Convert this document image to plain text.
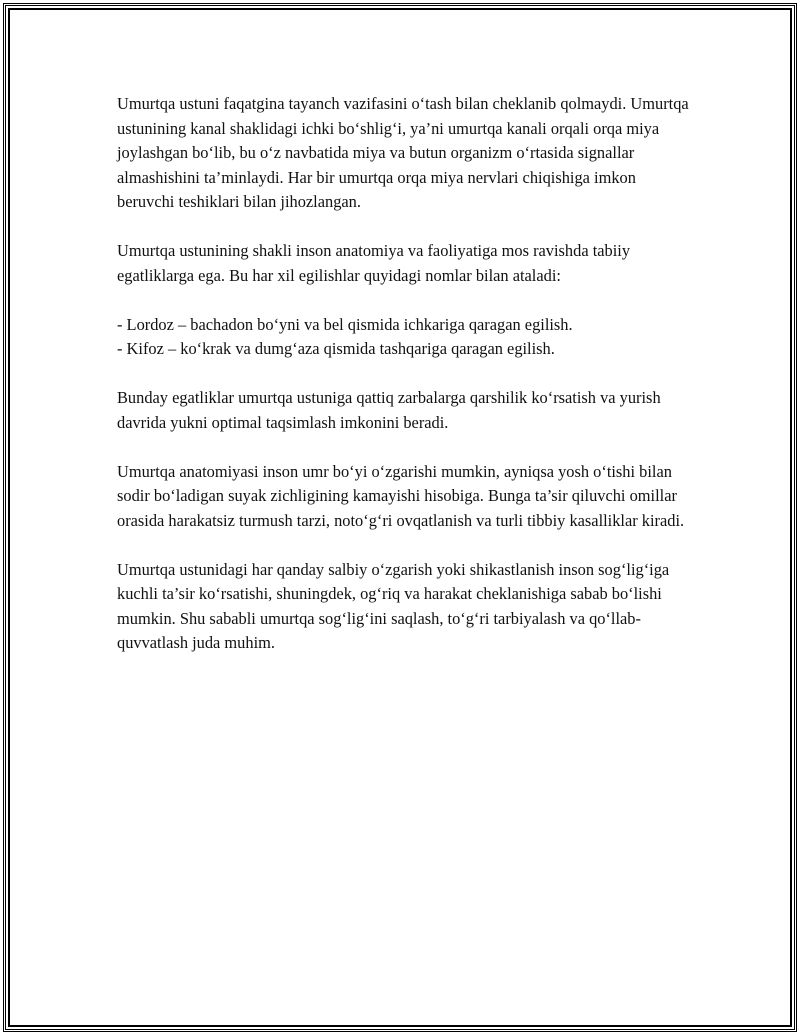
Umurtqa ustuni faqatgina tayanch vazifasini o‘tash bilan cheklanib qolmaydi. Umurtqa ustunining kanal shaklidagi ichki bo‘shlig‘i, ya’ni umurtqa kanali orqali orqa miya joylashgan bo‘lib, bu o‘z navbatida miya va butun organizm o‘rtasida signallar almashishini ta’minlaydi. Har bir umurtqa orqa miya nervlari chiqishiga imkon beruvchi teshiklari bilan jihozlangan.

Umurtqa ustunining shakli inson anatomiya va faoliyatiga mos ravishda tabiiy egatliklarga ega. Bu har xil egilishlar quyidagi nomlar bilan ataladi:

- Lordoz – bachadon bo‘yni va bel qismida ichkariga qaragan egilish.
- Kifoz – ko‘krak va dumg‘aza qismida tashqariga qaragan egilish.

Bunday egatliklar umurtqa ustuniga qattiq zarbalarga qarshilik ko‘rsatish va yurish davrida yukni optimal taqsimlash imkonini beradi.

Umurtqa anatomiyasi inson umr bo‘yi o‘zgarishi mumkin, ayniqsa yosh o‘tishi bilan sodir bo‘ladigan suyak zichligining kamayishi hisobiga. Bunga ta’sir qiluvchi omillar orasida harakatsiz turmush tarzi, noto‘g‘ri ovqatlanish va turli tibbiy kasalliklar kiradi.

Umurtqa ustunidagi har qanday salbiy o‘zgarish yoki shikastlanish inson sog‘lig‘iga kuchli ta’sir ko‘rsatishi, shuningdek, og‘riq va harakat cheklanishiga sabab bo‘lishi mumkin. Shu sababli umurtqa sog‘lig‘ini saqlash, to‘g‘ri tarbiyalash va qo‘llab-quvvatlash juda muhim.
